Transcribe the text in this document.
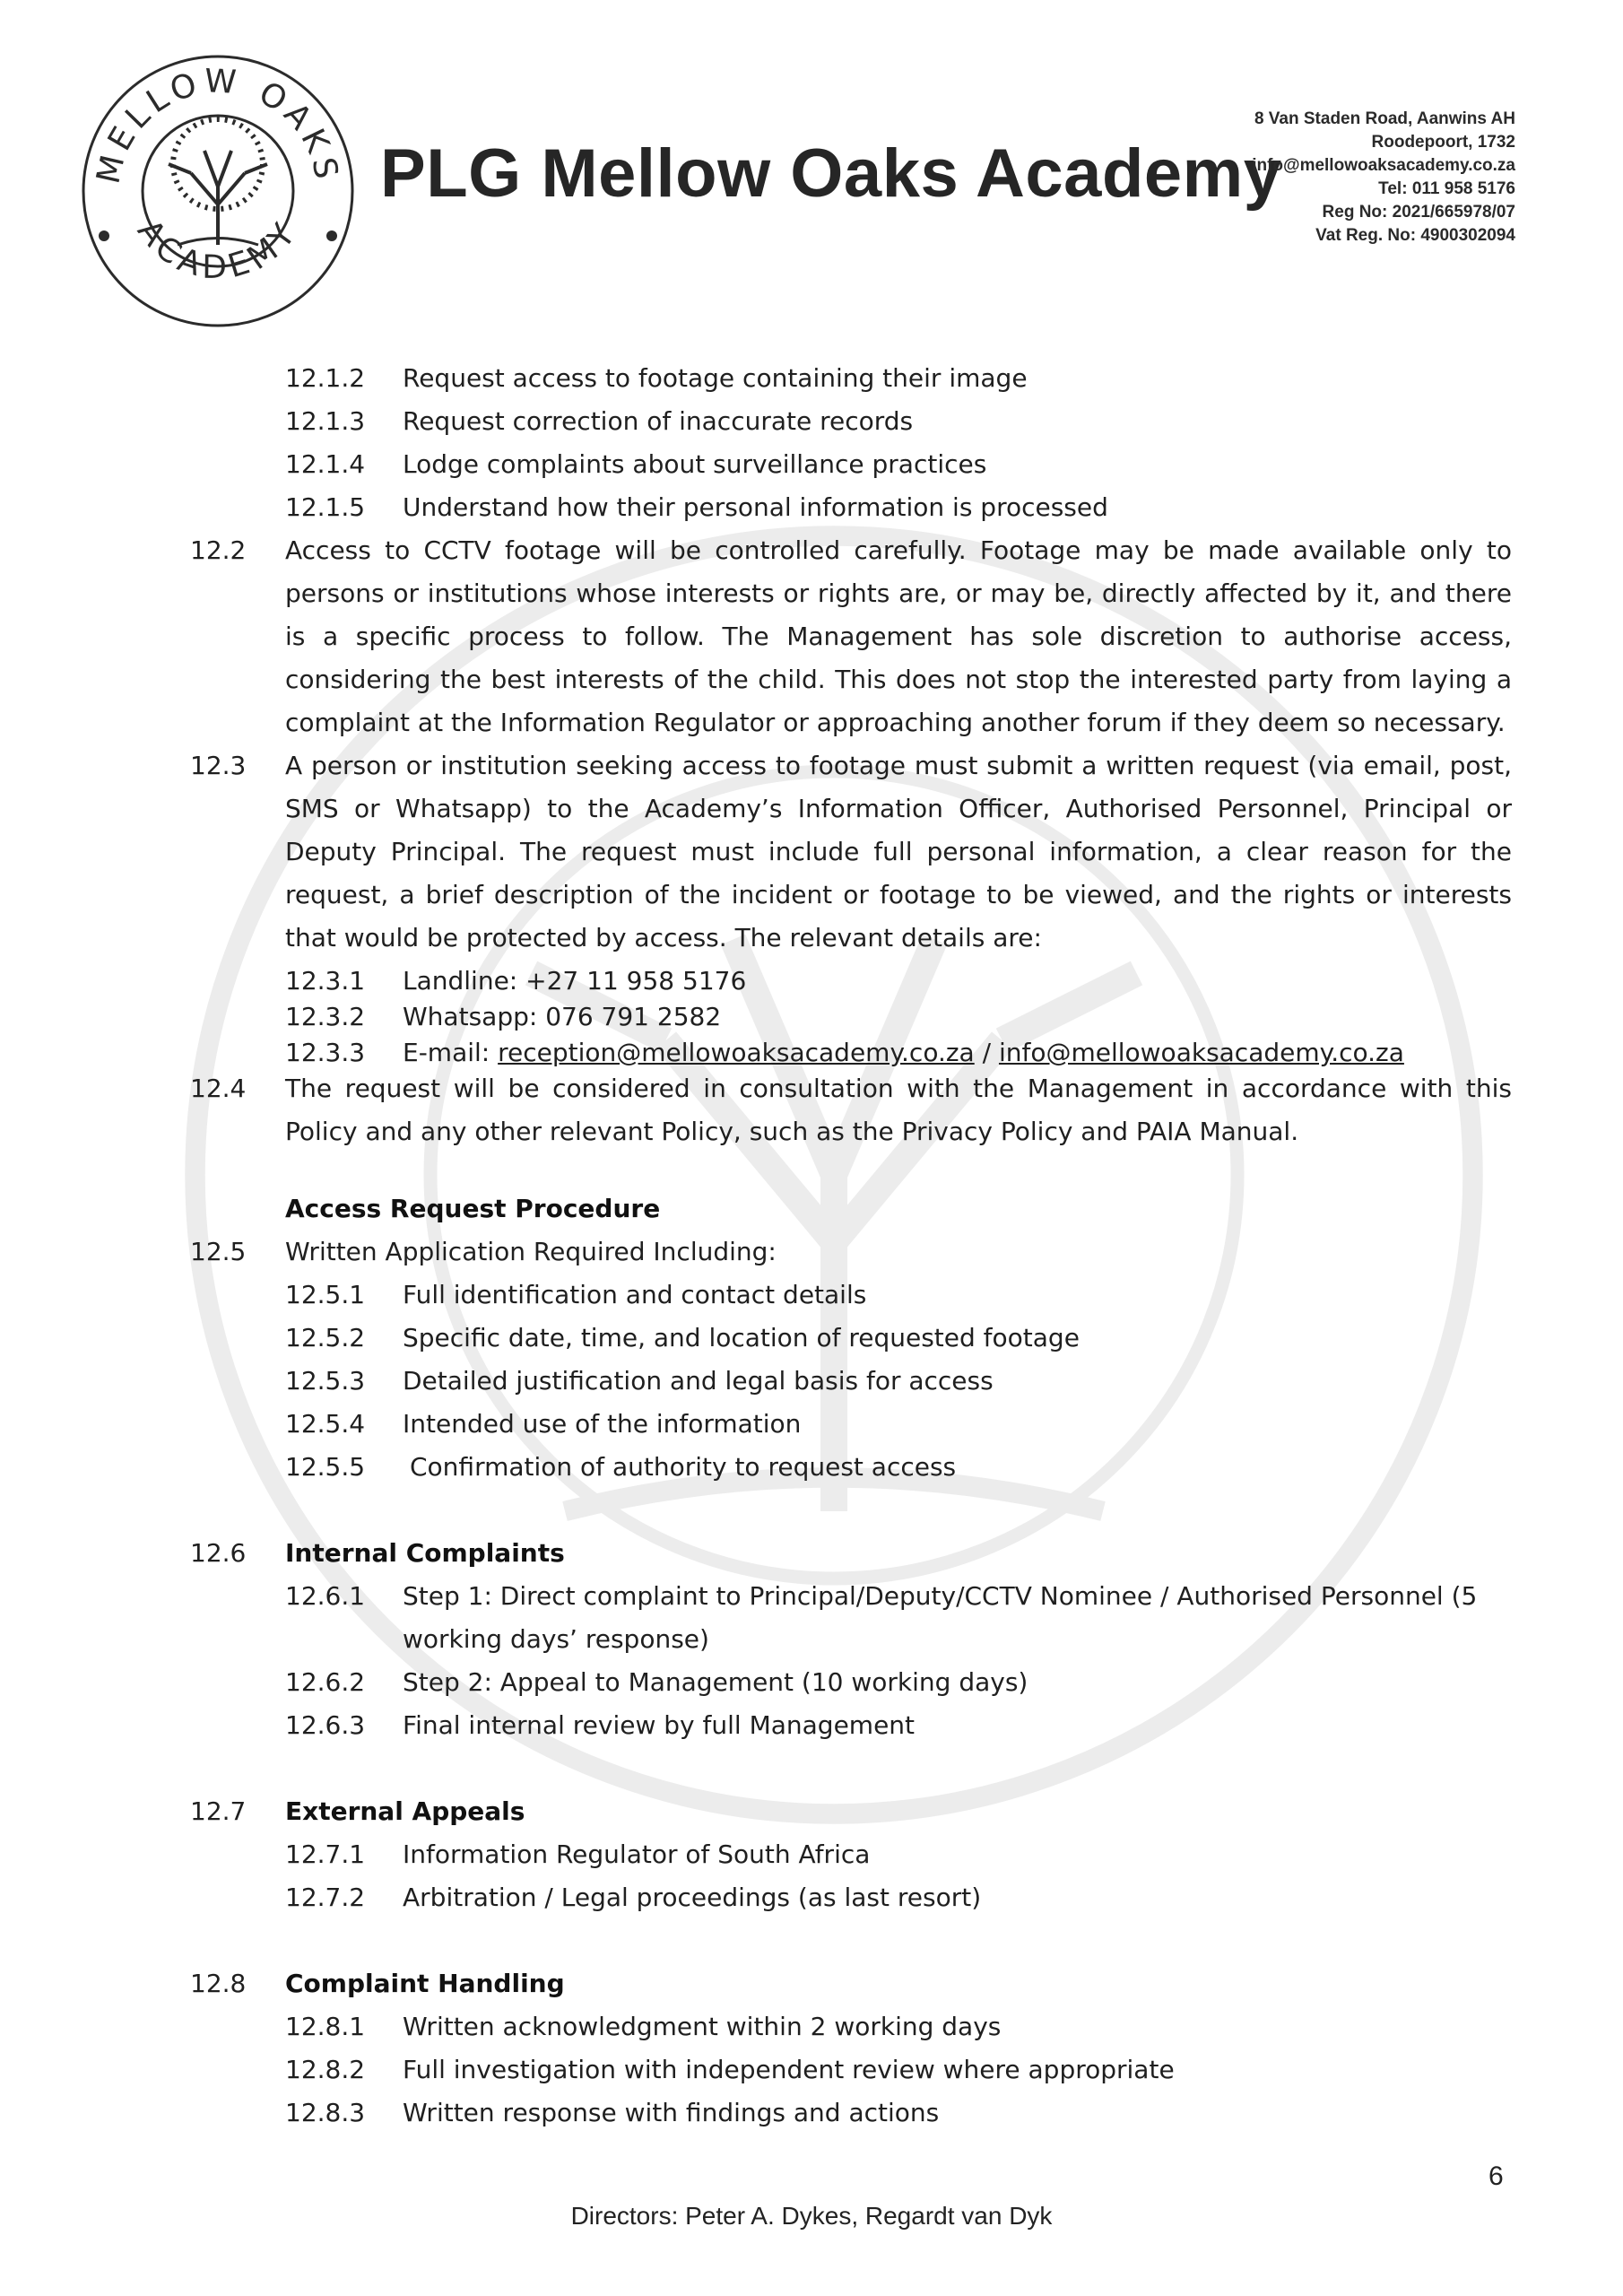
MELLOW OAKS
ACADEMY
PLG Mellow Oaks Academy
8 Van Staden Road, Aanwins AH
Roodepoort, 1732
info@mellowoaksacademy.co.za
Tel: 011 958 5176
Reg No: 2021/665978/07
Vat Reg. No: 4900302094
12.1.2 Request access to footage containing their image
12.1.3 Request correction of inaccurate records
12.1.4 Lodge complaints about surveillance practices
12.1.5 Understand how their personal information is processed
12.2 Access to CCTV footage will be controlled carefully. Footage may be made available only to persons or institutions whose interests or rights are, or may be, directly affected by it, and there is a specific process to follow. The Management has sole discretion to authorise access, considering the best interests of the child. This does not stop the interested party from laying a complaint at the Information Regulator or approaching another forum if they deem so necessary.
12.3 A person or institution seeking access to footage must submit a written request (via email, post, SMS or Whatsapp) to the Academy’s Information Officer, Authorised Personnel, Principal or Deputy Principal. The request must include full personal information, a clear reason for the request, a brief description of the incident or footage to be viewed, and the rights or interests that would be protected by access. The relevant details are:
12.3.1 Landline: +27 11 958 5176
12.3.2 Whatsapp: 076 791 2582
12.3.3 E-mail: reception@mellowoaksacademy.co.za / info@mellowoaksacademy.co.za
12.4 The request will be considered in consultation with the Management in accordance with this Policy and any other relevant Policy, such as the Privacy Policy and PAIA Manual.
Access Request Procedure
12.5 Written Application Required Including:
12.5.1 Full identification and contact details
12.5.2 Specific date, time, and location of requested footage
12.5.3 Detailed justification and legal basis for access
12.5.4 Intended use of the information
12.5.5 Confirmation of authority to request access
12.6 Internal Complaints
12.6.1 Step 1: Direct complaint to Principal/Deputy/CCTV Nominee / Authorised Personnel (5
working days’ response)
12.6.2 Step 2: Appeal to Management (10 working days)
12.6.3 Final internal review by full Management
12.7 External Appeals
12.7.1 Information Regulator of South Africa
12.7.2 Arbitration / Legal proceedings (as last resort)
12.8 Complaint Handling
12.8.1 Written acknowledgment within 2 working days
12.8.2 Full investigation with independent review where appropriate
12.8.3 Written response with findings and actions
6
Directors: Peter A. Dykes, Regardt van Dyk
